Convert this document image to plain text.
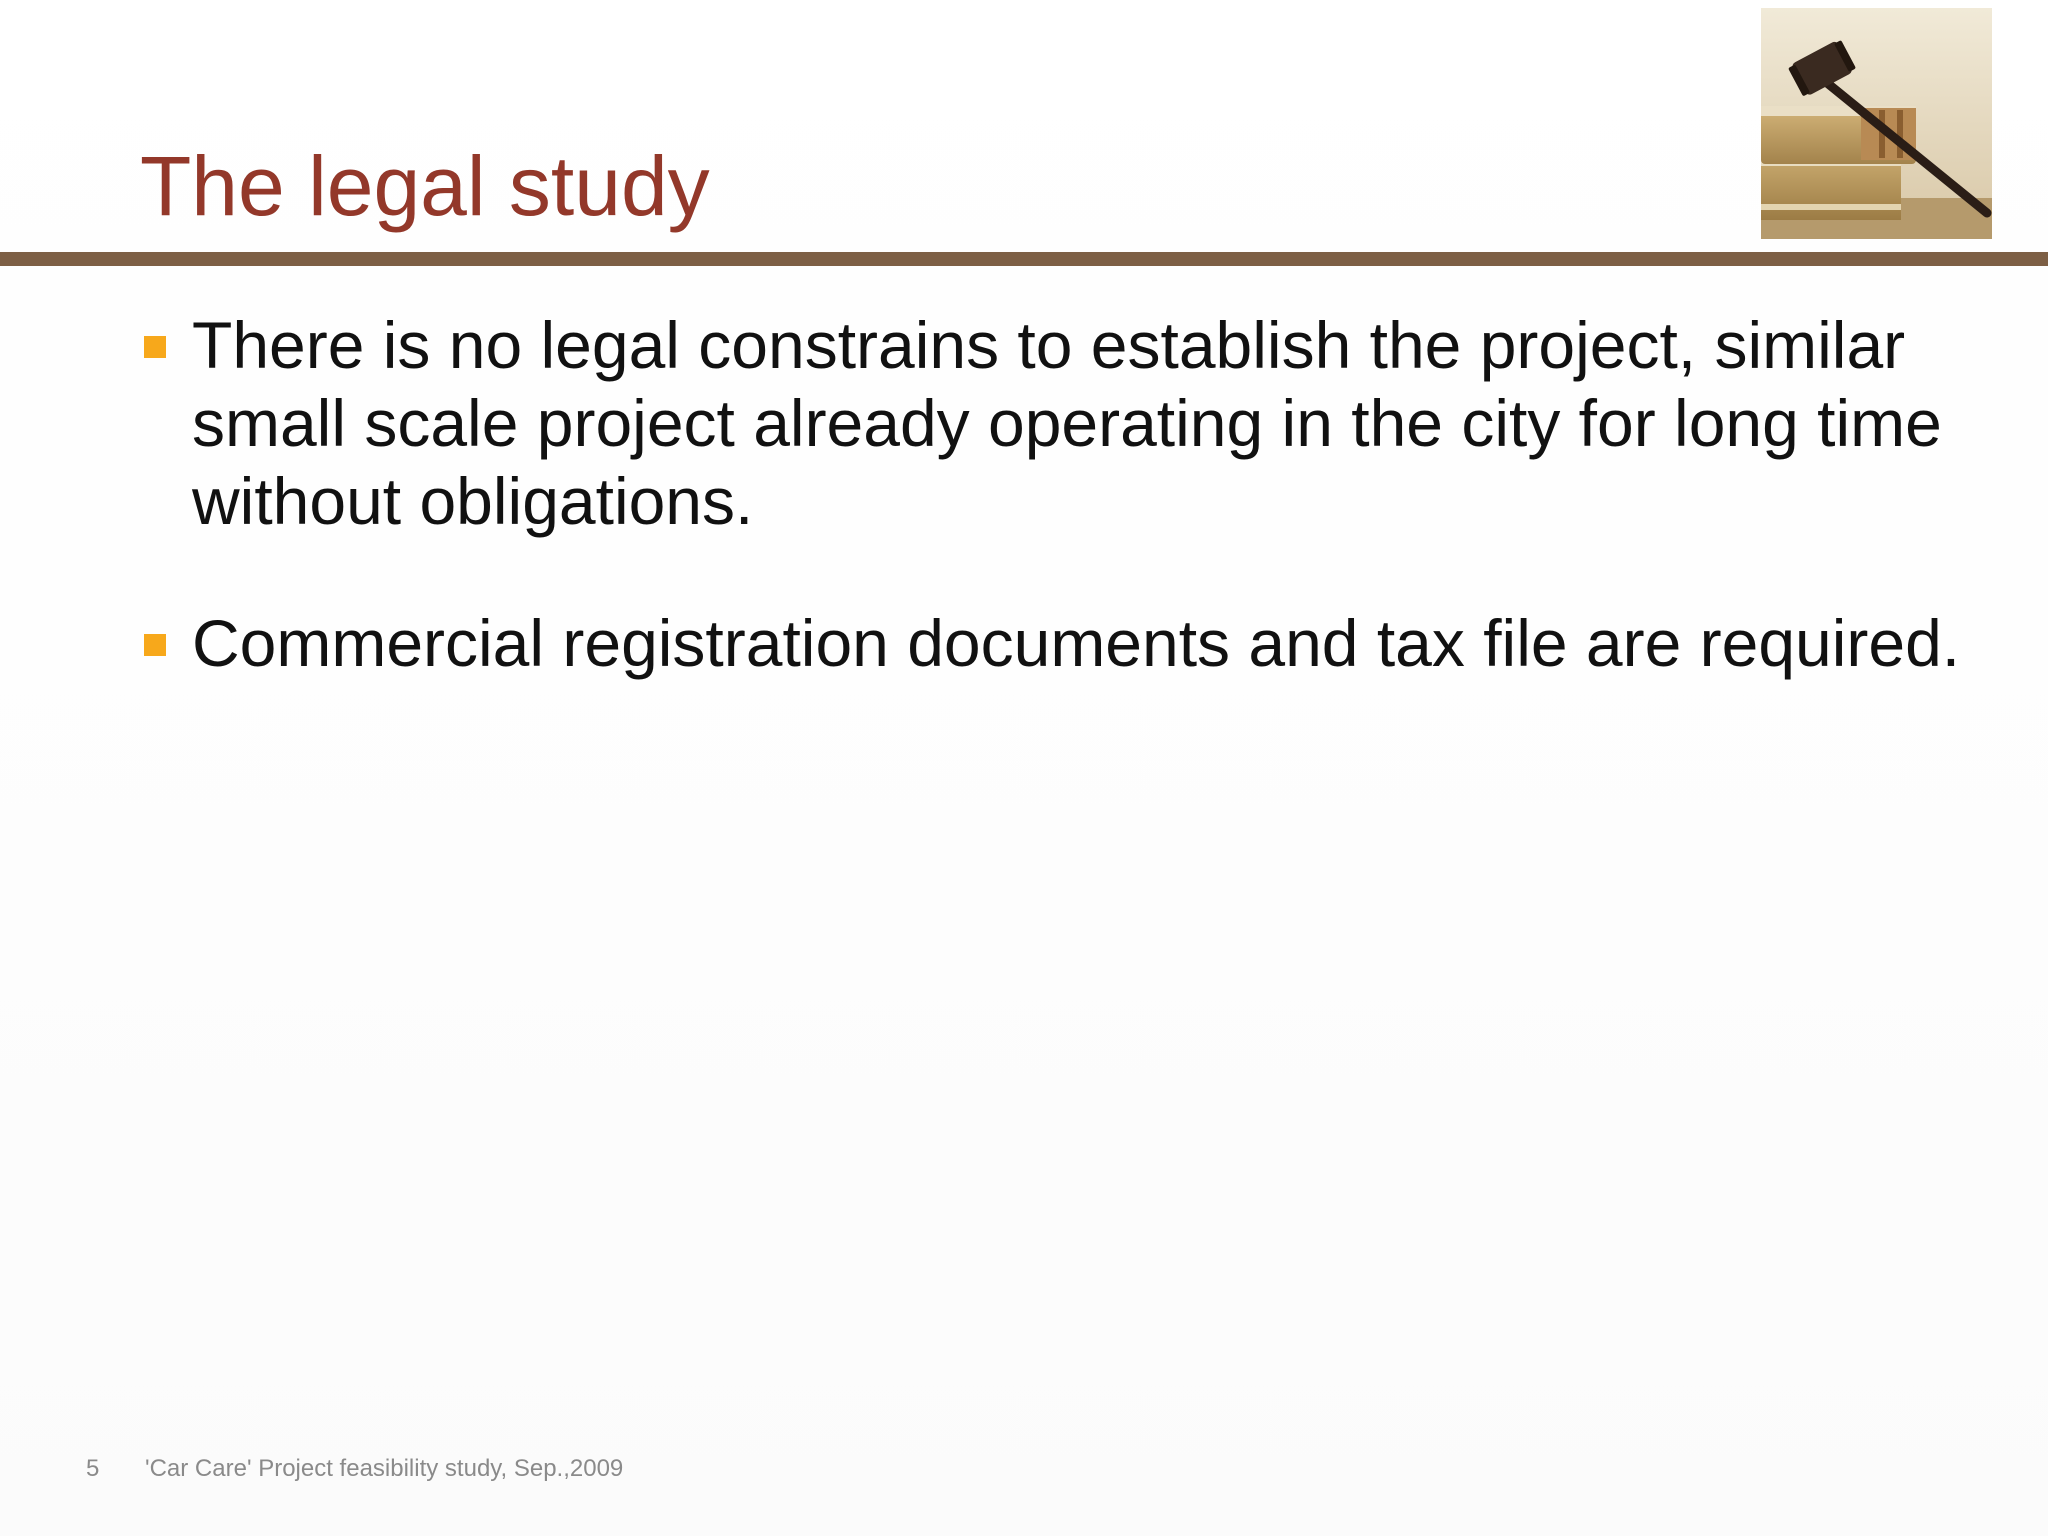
The legal study
There is no legal constrains to establish the project, similar small scale project already operating in the city for long time without obligations.
Commercial registration documents and tax file are required.
5 'Car Care' Project feasibility study, Sep.,2009
